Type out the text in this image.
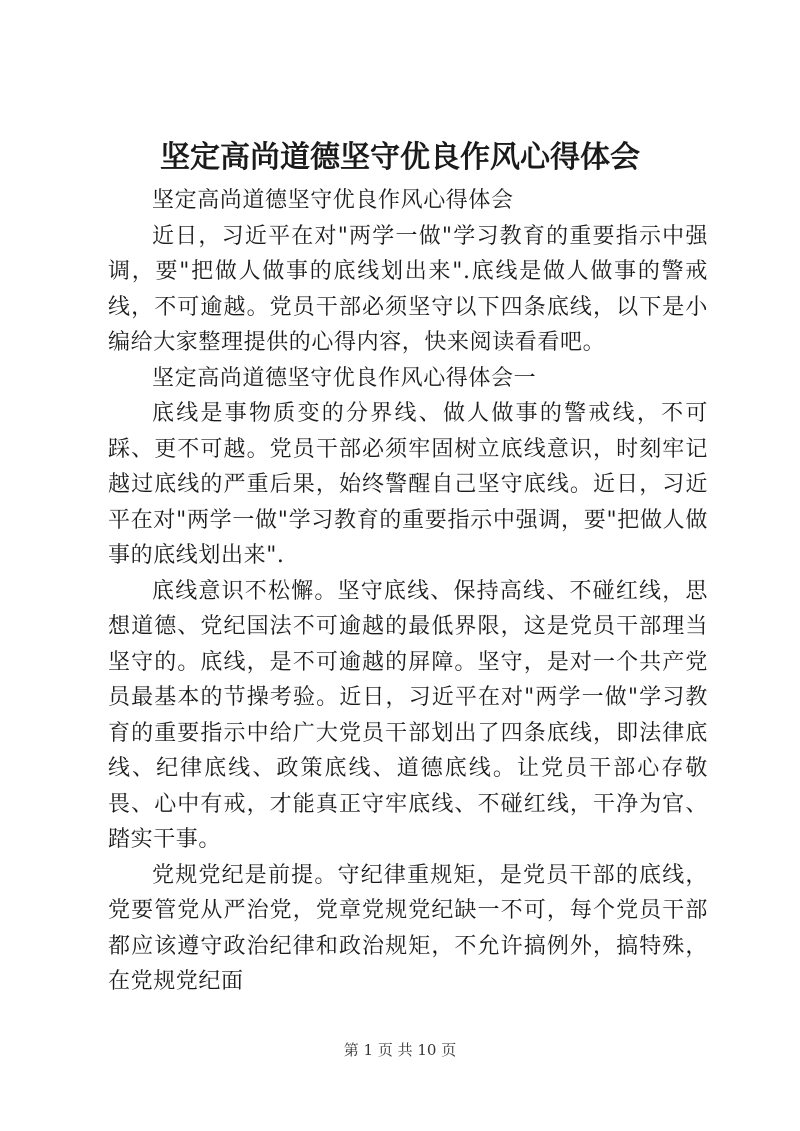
坚定高尚道德坚守优良作风心得体会

坚定高尚道德坚守优良作风心得体会

近日，习近平在对"两学一做"学习教育的重要指示中强调，要"把做人做事的底线划出来".底线是做人做事的警戒线，不可逾越。党员干部必须坚守以下四条底线，以下是小编给大家整理提供的心得内容，快来阅读看看吧。

坚定高尚道德坚守优良作风心得体会一

底线是事物质变的分界线、做人做事的警戒线，不可踩、更不可越。党员干部必须牢固树立底线意识，时刻牢记越过底线的严重后果，始终警醒自己坚守底线。近日，习近平在对"两学一做"学习教育的重要指示中强调，要"把做人做事的底线划出来".

底线意识不松懈。坚守底线、保持高线、不碰红线，思想道德、党纪国法不可逾越的最低界限，这是党员干部理当坚守的。底线，是不可逾越的屏障。坚守，是对一个共产党员最基本的节操考验。近日，习近平在对"两学一做"学习教育的重要指示中给广大党员干部划出了四条底线，即法律底线、纪律底线、政策底线、道德底线。让党员干部心存敬畏、心中有戒，才能真正守牢底线、不碰红线，干净为官、踏实干事。

党规党纪是前提。守纪律重规矩，是党员干部的底线，党要管党从严治党，党章党规党纪缺一不可，每个党员干部都应该遵守政治纪律和政治规矩，不允许搞例外，搞特殊，在党规党纪面

第 1 页 共 10 页
